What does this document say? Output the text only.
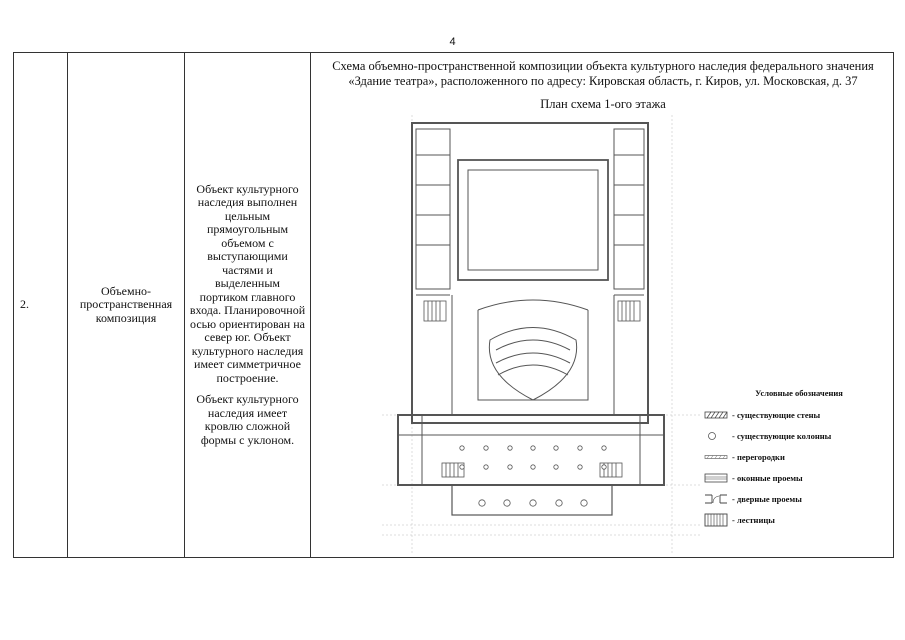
4
2.
Объемно-пространственная композиция

Объект культурного наследия выполнен цельным прямоугольным объемом с выступающими частями и выделенным портиком главного входа. Планировочной осью ориентирован на север юг. Объект культурного наследия имеет симметричное построение.

Объект культурного наследия имеет кровлю сложной формы с уклоном.

Схема объемно-пространственной композиции объекта культурного наследия федерального значения «Здание театра», расположенного по адресу: Кировская область, г. Киров, ул. Московская, д. 37
План схема 1-ого этажа
Условные обозначения
- существующие стены
- существующие колонны
- перегородки
- оконные проемы
- дверные проемы
- лестницы
